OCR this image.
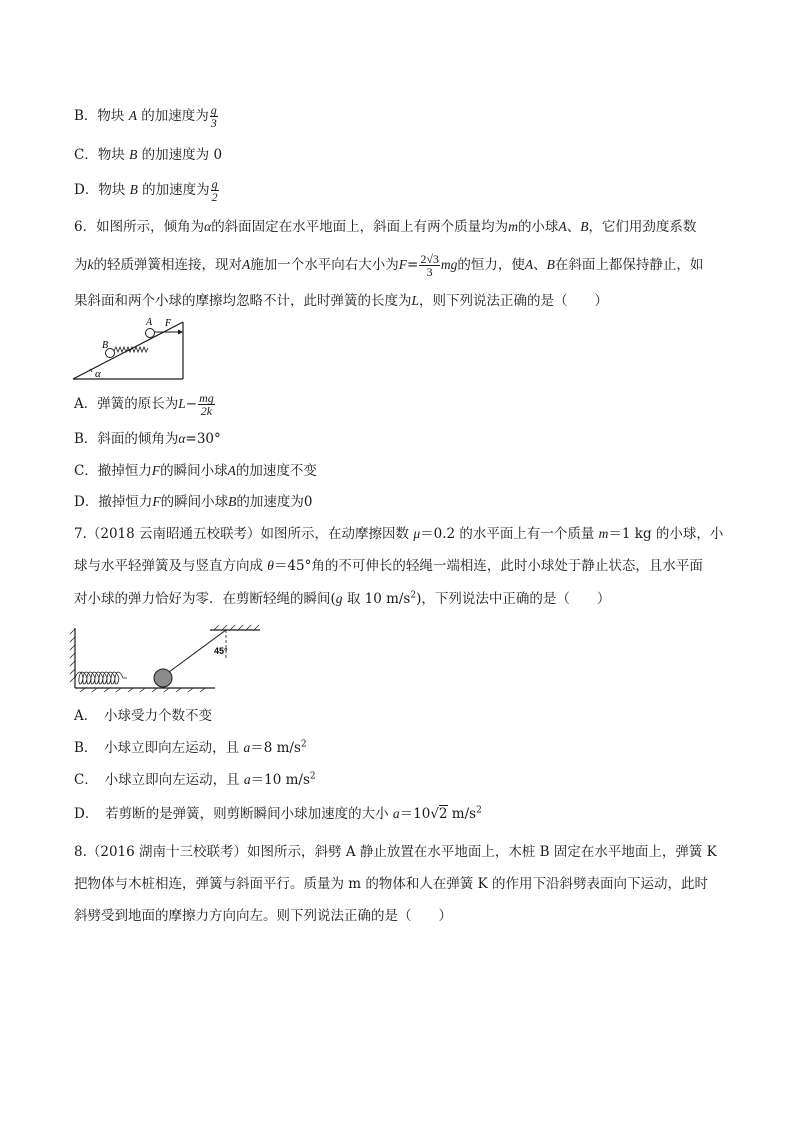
B．物块 A 的加速度为 $\frac{g}{3}$
C．物块 B 的加速度为 0
D．物块 B 的加速度为 $\frac{g}{2}$
6．如图所示，倾角为α的斜面固定在水平地面上，斜面上有两个质量均为m的小球A、B，它们用劲度系数
为k的轻质弹簧相连接，现对A施加一个水平向右大小为$F= \frac{2√3}{3}$ mg的恒力，使A、B在斜面上都保持静止，如
果斜面和两个小球的摩擦均忽略不计，此时弹簧的长度为L，则下列说法正确的是（　　）
α
B
A F
A．弹簧的原长为$L- \frac{mg}{2k}$
B．斜面的倾角为α=30°
C．撤掉恒力F的瞬间小球A的加速度不变
D．撤掉恒力F的瞬间小球B的加速度为0
7.（2018 云南昭通五校联考）如图所示，在动摩擦因数 μ＝0.2 的水平面上有一个质量 m＝1 kg 的小球，小
球与水平轻弹簧及与竖直方向成 θ＝45°角的不可伸长的轻绳一端相连，此时小球处于静止状态，且水平面
对小球的弹力恰好为零．在剪断轻绳的瞬间(g 取 10 $m/s^2$)，下列说法中正确的是（　　）
45°
A．　小球受力个数不变
B．　小球立即向左运动，且 a＝8 $m/s^2$
C．　小球立即向左运动，且 a＝10 $m/s^2$
D．　若剪断的是弹簧，则剪断瞬间小球加速度的大小 a＝10√2 $m/s^2$
8.（2016 湖南十三校联考）如图所示，斜劈 A 静止放置在水平地面上，木桩 B 固定在水平地面上，弹簧 K
把物体与木桩相连，弹簧与斜面平行。质量为 m 的物体和人在弹簧 K 的作用下沿斜劈表面向下运动，此时
斜劈受到地面的摩擦力方向向左。则下列说法正确的是（　　）
